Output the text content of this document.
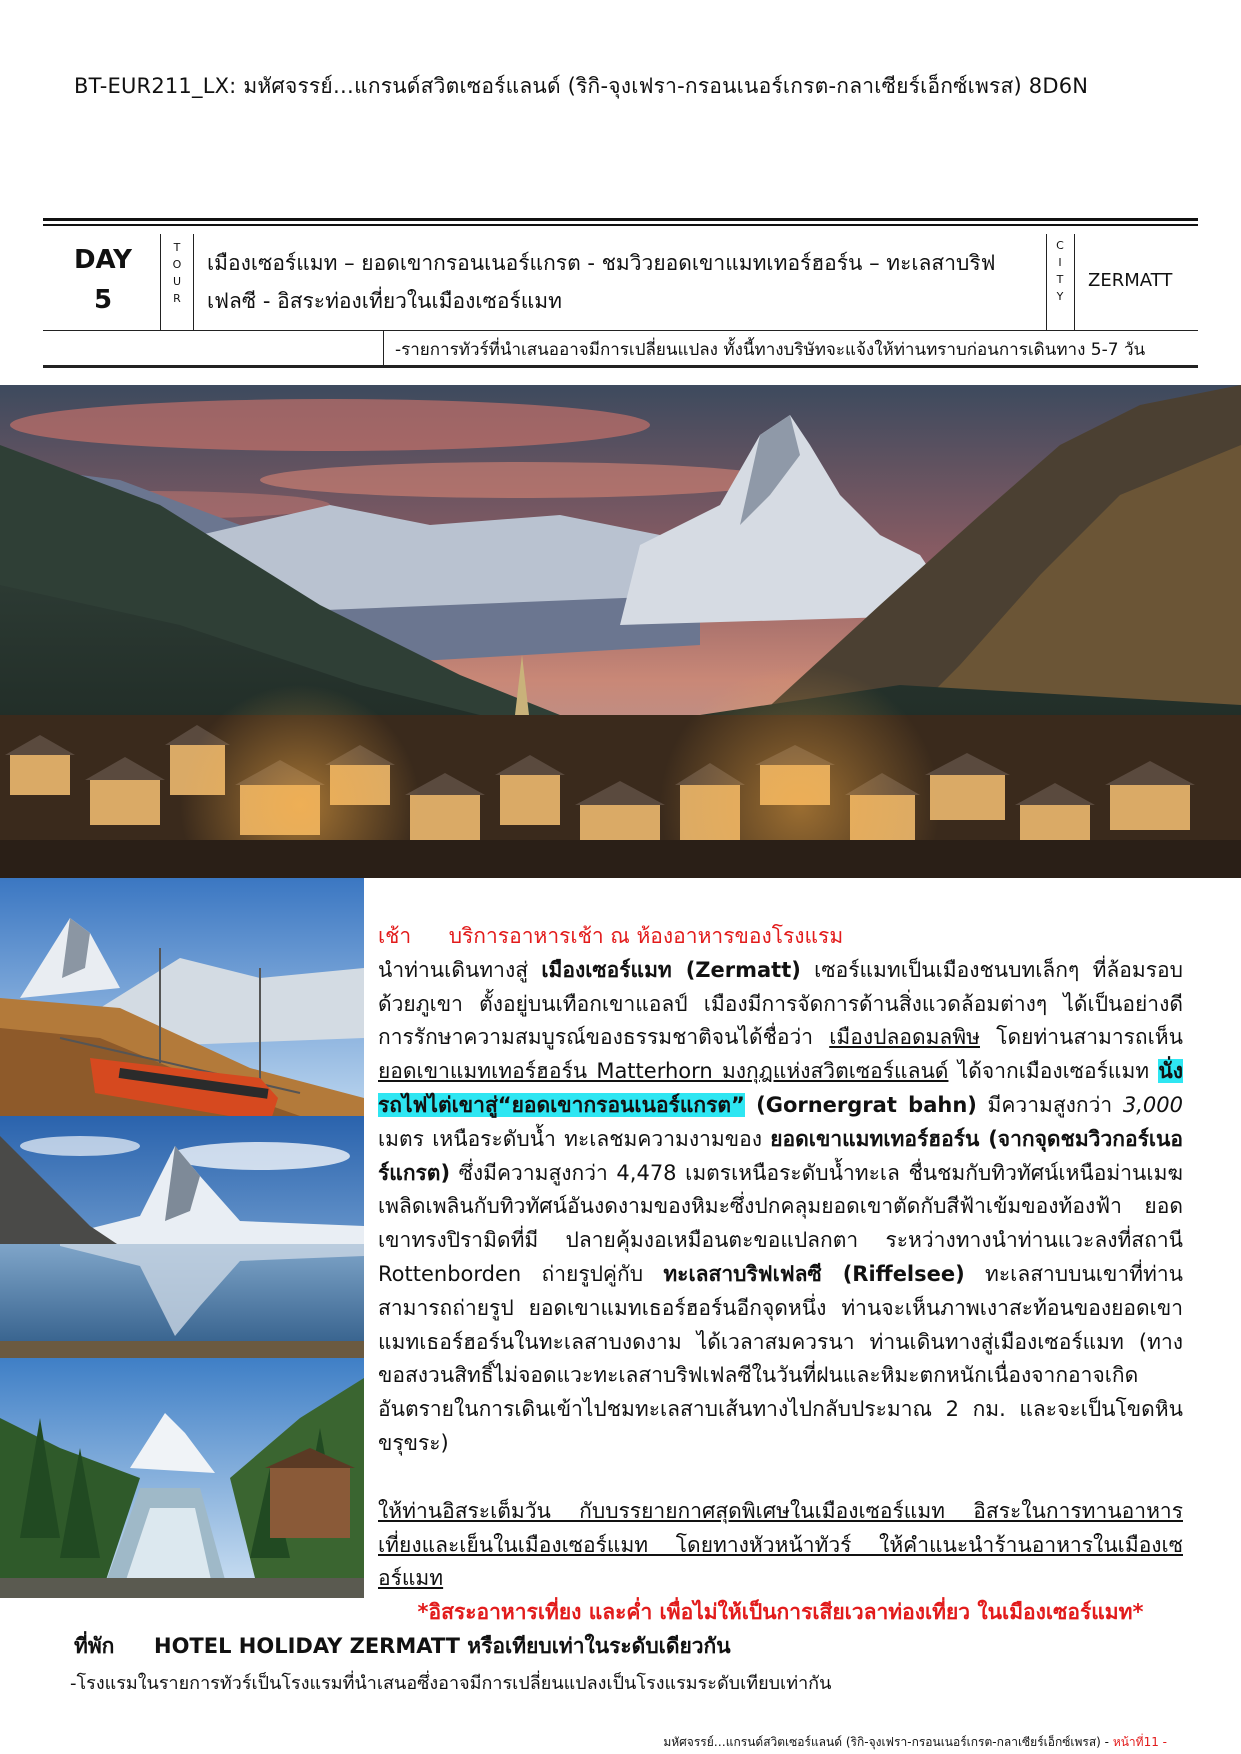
BT-EUR211_LX: มหัศจรรย์…แกรนด์สวิตเซอร์แลนด์ (ริกิ-จุงเฟรา-กรอนเนอร์เกรต-กลาเซียร์เอ็กซ์เพรส) 8D6N
DAY
5
T
O
U
R
เมืองเซอร์แมท – ยอดเขากรอนเนอร์แกรต - ชมวิวยอดเขาแมทเทอร์ฮอร์น – ทะเลสาบริฟ
เฟลซี - อิสระท่องเที่ยวในเมืองเซอร์แมท
C
I
T
Y
ZERMATT
-รายการทัวร์ที่นำเสนออาจมีการเปลี่ยนแปลง ทั้งนี้ทางบริษัทจะแจ้งให้ท่านทราบก่อนการเดินทาง 5-7 วัน

เช้า บริการอาหารเช้า ณ ห้องอาหารของโรงแรม

นำท่านเดินทางสู่ เมืองเซอร์แมท (Zermatt) เซอร์แมทเป็นเมืองชนบทเล็กๆ ที่ล้อมรอบด้วยภูเขา ตั้งอยู่บนเทือกเขาแอลป์ เมืองมีการจัดการด้านสิ่งแวดล้อมต่างๆ ได้เป็นอย่างดี การรักษาความสมบูรณ์ของธรรมชาติจนได้ชื่อว่า เมืองปลอดมลพิษ โดยท่านสามารถเห็นยอดเขาแมทเทอร์ฮอร์น Matterhorn มงกุฎแห่งสวิตเซอร์แลนด์ ได้จากเมืองเซอร์แมท นั่งรถไฟไต่เขาสู่“ยอดเขากรอนเนอร์แกรต” (Gornergrat bahn) มีความสูงกว่า 3,000 เมตร เหนือระดับน้ำ ทะเลชมความงามของ ยอดเขาแมทเทอร์ฮอร์น (จากจุดชมวิวกอร์เนอร์แกรต) ซึ่งมีความสูงกว่า 4,478 เมตรเหนือระดับน้ำทะเล ชื่นชมกับทิวทัศน์เหนือม่านเมฆเพลิดเพลินกับทิวทัศน์อันงดงามของหิมะซึ่งปกคลุมยอดเขาตัดกับสีฟ้าเข้มของท้องฟ้า ยอดเขาทรงปิรามิดที่มี ปลายคุ้มงอเหมือนตะขอแปลกตา ระหว่างทางนำท่านแวะลงที่สถานี Rottenborden ถ่ายรูปคู่กับ ทะเลสาบริฟเฟลซี (Riffelsee) ทะเลสาบบนเขาที่ท่านสามารถถ่ายรูป ยอดเขาแมทเธอร์ฮอร์นอีกจุดหนึ่ง ท่านจะเห็นภาพเงาสะท้อนของยอดเขาแมทเธอร์ฮอร์นในทะเลสาบงดงาม ได้เวลาสมควรนา ท่านเดินทางสู่เมืองเซอร์แมท (ทางขอสงวนสิทธิ์ไม่จอดแวะทะเลสาบริฟเฟลซีในวันที่ฝนและหิมะตกหนักเนื่องจากอาจเกิดอันตรายในการเดินเข้าไปชมทะเลสาบเส้นทางไปกลับประมาณ 2 กม. และจะเป็นโขดหินขรุขระ)

ให้ท่านอิสระเต็มวัน กับบรรยายกาศสุดพิเศษในเมืองเซอร์แมท อิสระในการทานอาหารเที่ยงและเย็นในเมืองเซอร์แมท โดยทางหัวหน้าทัวร์ ให้คำแนะนำร้านอาหารในเมืองเซอร์แมท

*อิสระอาหารเที่ยง และค่ำ เพื่อไม่ให้เป็นการเสียเวลาท่องเที่ยว ในเมืองเซอร์แมท*

ที่พัก HOTEL HOLIDAY ZERMATT หรือเทียบเท่าในระดับเดียวกัน
-โรงแรมในรายการทัวร์เป็นโรงแรมที่นำเสนอซึ่งอาจมีการเปลี่ยนแปลงเป็นโรงแรมระดับเทียบเท่ากัน
มหัศจรรย์…แกรนด์สวิตเซอร์แลนด์ (ริกิ-จุงเฟรา-กรอนเนอร์เกรต-กลาเซียร์เอ็กซ์เพรส) - หน้าที่11 -
